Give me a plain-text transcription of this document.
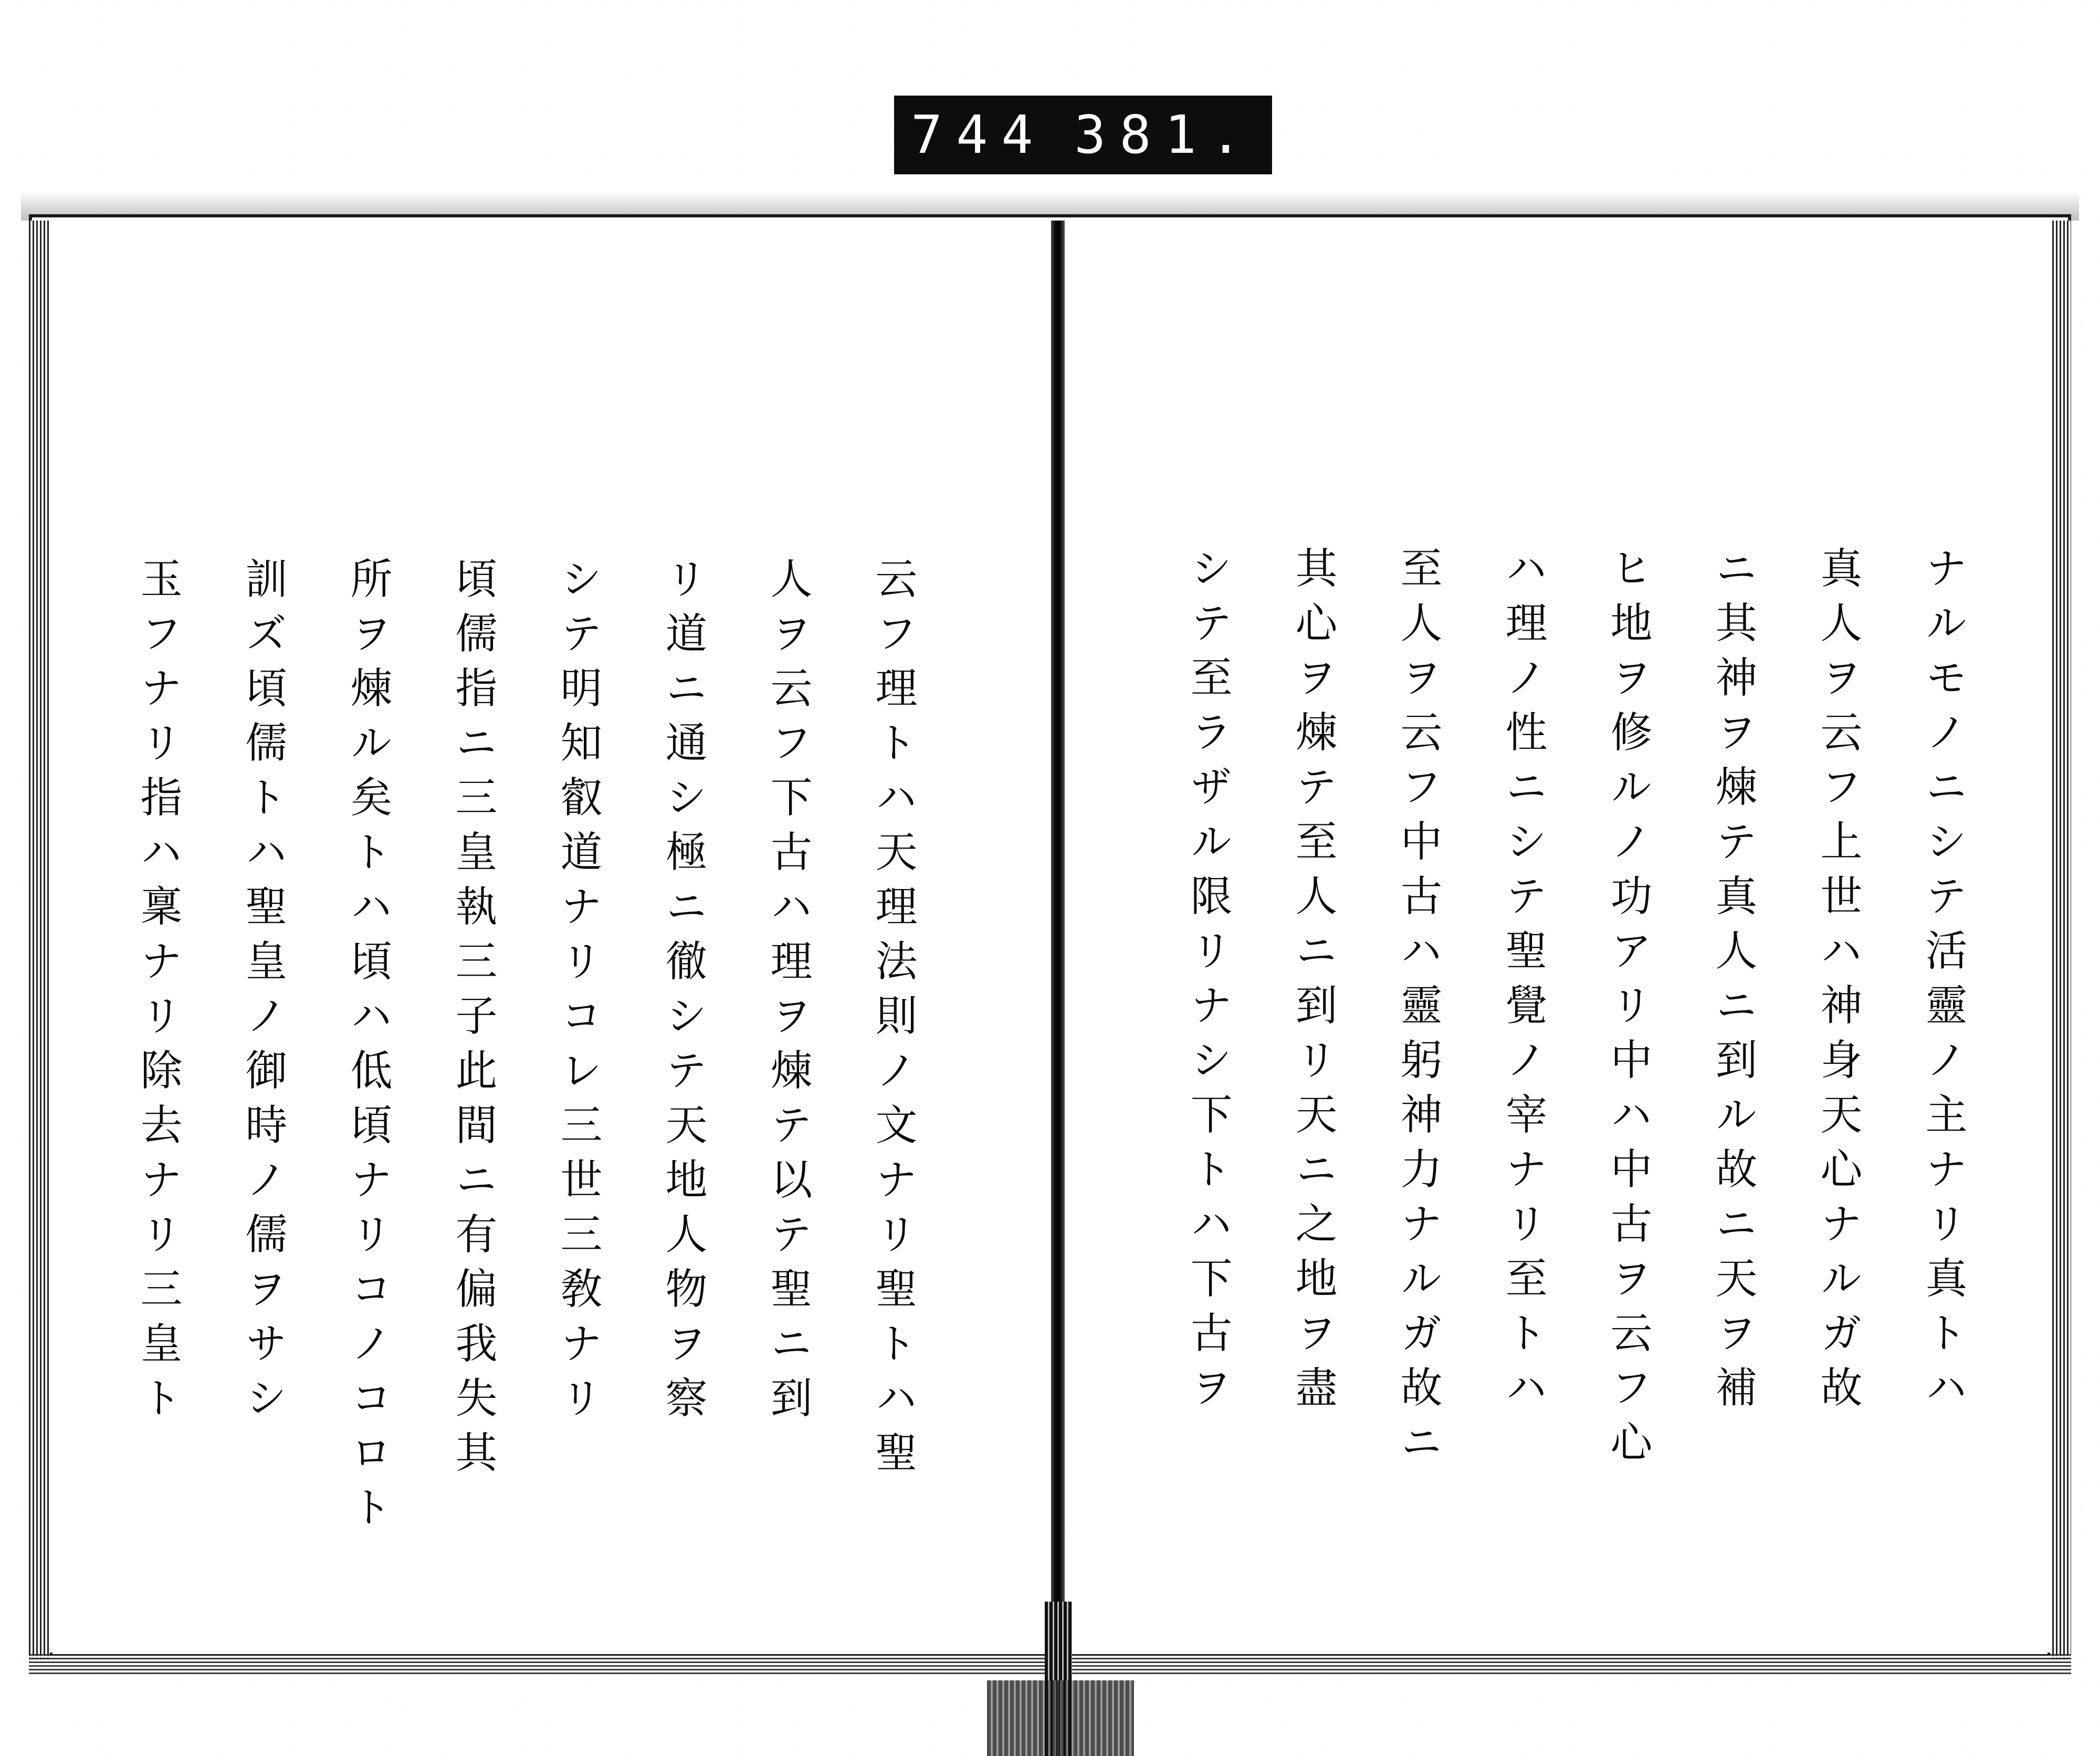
744 381.
ナルモノニシテ活靈ノ主ナリ真トハ
真人ヲ云フ上世ハ神身天心ナルガ故
ニ其神ヲ煉テ真人ニ到ル故ニ天ヲ補
ヒ地ヲ修ルノ功アリ中ハ中古ヲ云フ心
ハ理ノ性ニシテ聖覺ノ宰ナリ至トハ
至人ヲ云フ中古ハ靈躬神力ナルガ故ニ
其心ヲ煉テ至人ニ到リ天ニ之地ヲ盡
シテ至ラザル限リナシ下トハ下古ヲ
云フ理トハ天理法則ノ文ナリ聖トハ聖
人ヲ云フ下古ハ理ヲ煉テ以テ聖ニ到
リ道ニ通シ極ニ徹シテ天地人物ヲ察
シテ明知叡道ナリコレ三世三敎ナリ
頃儒指ニ三皇執三子此間ニ有偏我失其
所ヲ煉ル矣トハ頃ハ低頃ナリコノコロト
訓ズ頃儒トハ聖皇ノ御時ノ儒ヲサシ
玉フナリ指ハ稟ナリ除去ナリ三皇ト
